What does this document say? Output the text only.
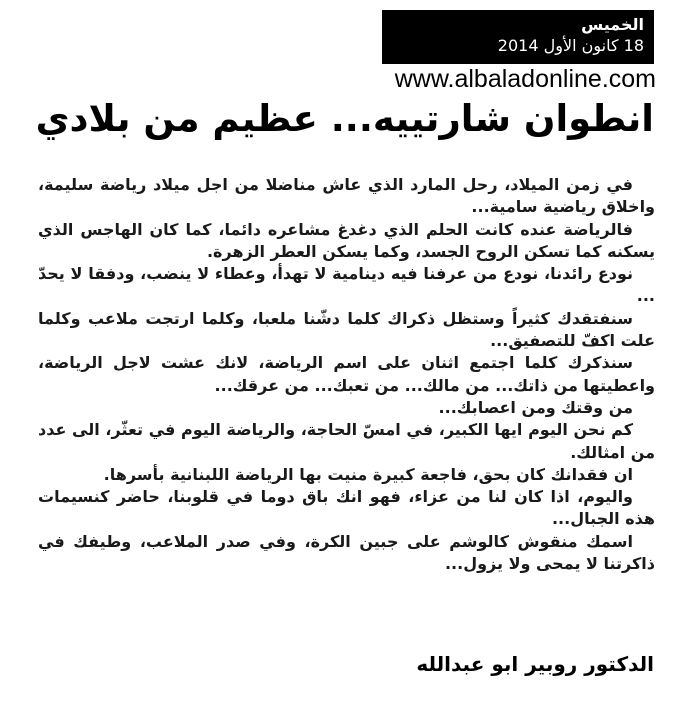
الخميس
18 كانون الأول 2014
www.albaladonline.com
انطوان شارتييه... عظيم من بلادي

في زمن الميلاد، رحل المارد الذي عاش مناضلا من اجل ميلاد رياضة سليمة، واخلاق رياضية سامية...

فالرياضة عنده كانت الحلم الذي دغدغ مشاعره دائما، كما كان الهاجس الذي يسكنه كما تسكن الروح الجسد، وكما يسكن العطر الزهرة.

نودع رائدنا، نودع من عرفنا فيه دينامية لا تهدأ، وعطاء لا ينضب، ودفقا لا يحدّ ...

سنفتقدك كثيراً وستظل ذكراك كلما دشّنا ملعبا، وكلما ارتجت ملاعب وكلما علت اكفّ للتصفيق...

سنذكرك كلما اجتمع اثنان على اسم الرياضة، لانك عشت لاجل الرياضة، واعطيتها من ذاتك... من مالك... من تعبك... من عرقك...

من وقتك ومن اعصابك...

كم نحن اليوم ايها الكبير، في امسّ الحاجة، والرياضة اليوم في تعثّر، الى عدد من امثالك.

ان فقدانك كان بحق، فاجعة كبيرة منيت بها الرياضة اللبنانية بأسرها.

واليوم، اذا كان لنا من عزاء، فهو انك باق دوما في قلوبنا، حاضر كنسيمات هذه الجبال...

اسمك منقوش كالوشم على جبين الكرة، وفي صدر الملاعب، وطيفك في ذاكرتنا لا يمحى ولا يزول...

الدكتور روبير ابو عبدالله
